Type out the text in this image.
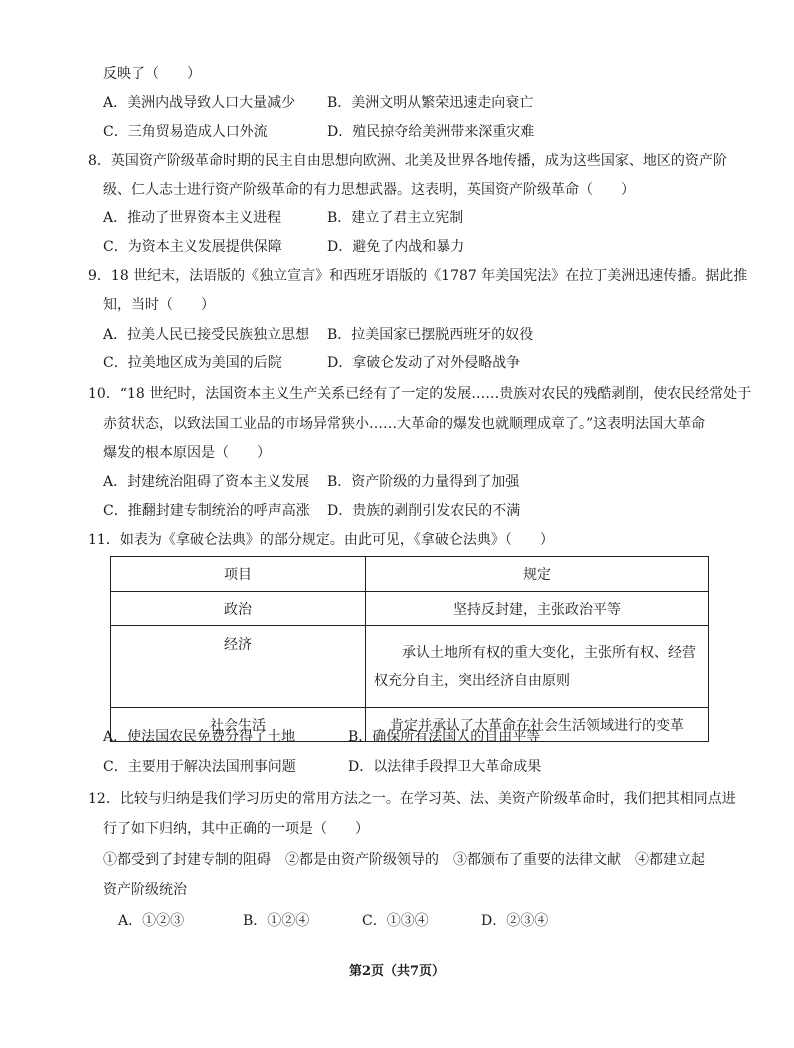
反映了（　　）
A．美洲内战导致人口大量减少 B．美洲文明从繁荣迅速走向衰亡
C．三角贸易造成人口外流	D．殖民掠夺给美洲带来深重灾难
8．英国资产阶级革命时期的民主自由思想向欧洲、北美及世界各地传播，成为这些国家、地区的资产阶
级、仁人志士进行资产阶级革命的有力思想武器。这表明，英国资产阶级革命（　　）
A．推动了世界资本主义进程	B．建立了君主立宪制
C．为资本主义发展提供保障	D．避免了内战和暴力
9．18 世纪末，法语版的《独立宣言》和西班牙语版的《1787 年美国宪法》在拉丁美洲迅速传播。据此推
知，当时（　　）
A．拉美人民已接受民族独立思想 B．拉美国家已摆脱西班牙的奴役
C．拉美地区成为美国的后院	D．拿破仑发动了对外侵略战争
10．“18 世纪时，法国资本主义生产关系已经有了一定的发展……贵族对农民的残酷剥削，使农民经常处于
赤贫状态，以致法国工业品的市场异常狭小……大革命的爆发也就顺理成章了。”这表明法国大革命
爆发的根本原因是（　　）
A．封建统治阻碍了资本主义发展 B．资产阶级的力量得到了加强
C．推翻封建专制统治的呼声高涨 D．贵族的剥削引发农民的不满
11．如表为《拿破仑法典》的部分规定。由此可见，《拿破仑法典》（　　）
项目	规定
政治	坚持反封建，主张政治平等
经济	承认土地所有权的重大变化，主张所有权、经营权充分自主，突出经济自由原则
社会生活	肯定并承认了大革命在社会生活领域进行的变革
A．使法国农民免费分得了土地	B．确保所有法国人的自由平等
C．主要用于解决法国刑事问题	D．以法律手段捍卫大革命成果
12．比较与归纳是我们学习历史的常用方法之一。在学习英、法、美资产阶级革命时，我们把其相同点进
行了如下归纳，其中正确的一项是（　　）
①都受到了封建专制的阻碍　②都是由资产阶级领导的　③都颁布了重要的法律文献　④都建立起
资产阶级统治
A．①②③	B．①②④	C．①③④	D．②③④
第2页（共7页）
